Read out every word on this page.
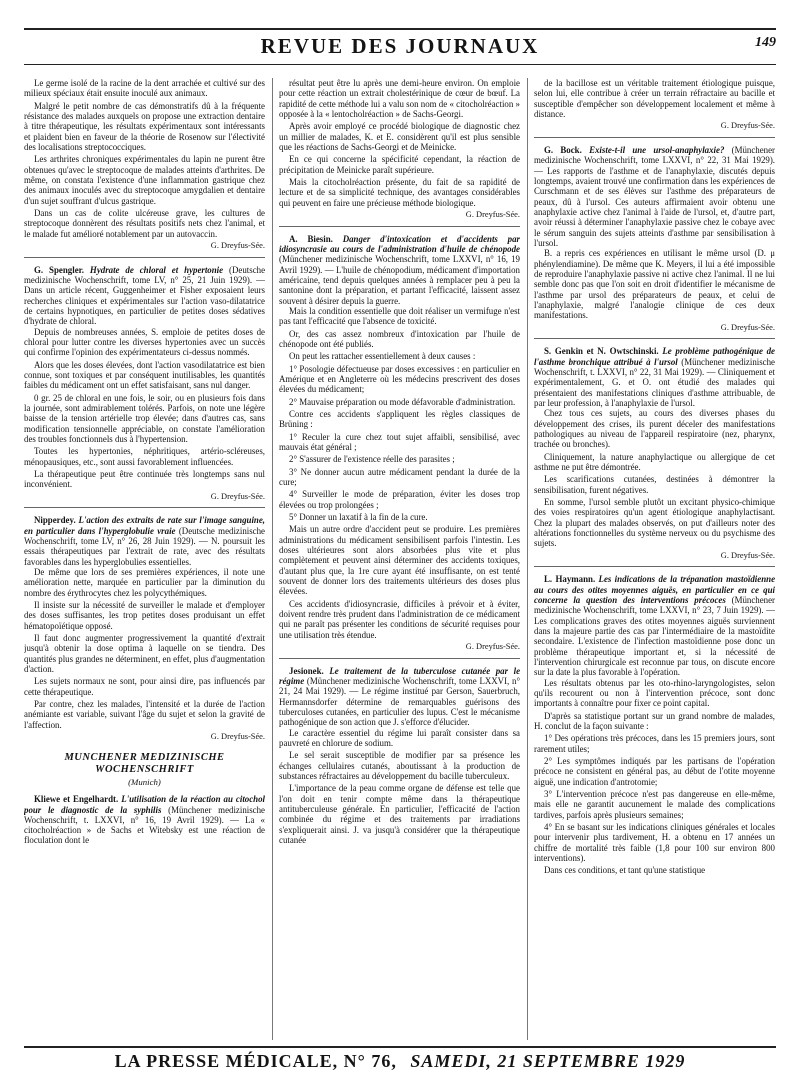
REVUE DES JOURNAUX	149

Le germe isolé de la racine de la dent arrachée et cultivé sur des milieux spéciaux était ensuite inoculé aux animaux.

Malgré le petit nombre de cas démonstratifs dû à la fréquente résistance des malades auxquels on propose une extraction dentaire à titre thérapeutique, les résultats expérimentaux sont intéressants et plaident bien en faveur de la théorie de Rosenow sur l'électivité des localisations streptococciques.

Les arthrites chroniques expérimentales du lapin ne purent être obtenues qu'avec le streptocoque de malades atteints d'arthrites. De même, on constata l'existence d'une inflammation gastrique chez des animaux inoculés avec du streptocoque amygdalien et dentaire d'un sujet souffrant d'ulcus gastrique.

Dans un cas de colite ulcéreuse grave, les cultures de streptocoque donnèrent des résultats positifs nets chez l'animal, et le malade fut amélioré notablement par un autovaccin.

G. Dreyfus-Sée.

G. Spengler. Hydrate de chloral et hypertonie (Deutsche medizinische Wochenschrift, tome LV, n° 25, 21 Juin 1929). — Dans un article récent, Guggenheimer et Fisher exposaient leurs recherches cliniques et expérimentales sur l'action vaso-dilatatrice de certains hypnotiques, en particulier de petites doses sédatives d'hydrate de chloral.

Depuis de nombreuses années, S. emploie de petites doses de chloral pour lutter contre les diverses hypertonies avec un succès qui confirme l'opinion des expérimentateurs ci-dessus nommés.

Alors que les doses élevées, dont l'action vasodilatatrice est bien connue, sont toxiques et par conséquent inutilisables, les quantités faibles du médicament ont un effet satisfaisant, sans nul danger.

0 gr. 25 de chloral en une fois, le soir, ou en plusieurs fois dans la journée, sont admirablement tolérés. Parfois, on note une légère baisse de la tension artérielle trop élevée; dans d'autres cas, sans modification tensionnelle appréciable, on constate l'amélioration des troubles fonctionnels dus à l'hypertension.

Toutes les hypertonies, néphritiques, artério-scléreuses, ménopausiques, etc., sont aussi favorablement influencées.

La thérapeutique peut être continuée très longtemps sans nul inconvénient.

G. Dreyfus-Sée.

Nipperdey. L'action des extraits de rate sur l'image sanguine, en particulier dans l'hyperglobulie vraie (Deutsche medizinische Wochenschrift, tome LV, n° 26, 28 Juin 1929). — N. poursuit les essais thérapeutiques par l'extrait de rate, avec des résultats favorables dans les hyperglobulies essentielles.

De même que lors de ses premières expériences, il note une amélioration nette, marquée en particulier par la diminution du nombre des érythrocytes chez les polycythémiques.

Il insiste sur la nécessité de surveiller le malade et d'employer des doses suffisantes, les trop petites doses produisant un effet hématopoïétique opposé.

Il faut donc augmenter progressivement la quantité d'extrait jusqu'à obtenir la dose optima à laquelle on se tiendra. Des quantités plus grandes ne déterminent, en effet, plus d'augmentation d'action.

Les sujets normaux ne sont, pour ainsi dire, pas influencés par cette thérapeutique.

Par contre, chez les malades, l'intensité et la durée de l'action anémiante est variable, suivant l'âge du sujet et selon la gravité de l'affection.

G. Dreyfus-Sée.

MUNCHENER MEDIZINISCHE WOCHENSCHRIFT
(Munich)

Kliewe et Engelhardt. L'utilisation de la réaction au citochol pour le diagnostic de la syphilis (Münchener medizinische Wochenschrift, t. LXXVI, n° 16, 19 Avril 1929). — La « citocholréaction » de Sachs et Witebsky est une réaction de floculation dont le

résultat peut être lu après une demi-heure environ. On emploie pour cette réaction un extrait cholestérinique de cœur de bœuf. La rapidité de cette méthode lui a valu son nom de « citocholréaction » opposée à la « lentocholréaction » de Sachs-Georgi.

Après avoir employé ce procédé biologique de diagnostic chez un millier de malades, K. et E. considèrent qu'il est plus sensible que les réactions de Sachs-Georgi et de Meinicke.

En ce qui concerne la spécificité cependant, la réaction de précipitation de Meinicke paraît supérieure.

Mais la citocholréaction présente, du fait de sa rapidité de lecture et de sa simplicité technique, des avantages considérables qui peuvent en faire une précieuse méthode biologique.

G. Dreyfus-Sée.

A. Biesin. Danger d'intoxication et d'accidents par idiosyncrasie au cours de l'administration d'huile de chénopode (Münchener medizinische Wochenschrift, tome LXXVI, n° 16, 19 Avril 1929). — L'huile de chénopodium, médicament d'importation américaine, tend depuis quelques années à remplacer peu à peu la santonine dont la préparation, et partant l'efficacité, laissent assez souvent à désirer depuis la guerre.

Mais la condition essentielle que doit réaliser un vermifuge n'est pas tant l'efficacité que l'absence de toxicité.

Or, des cas assez nombreux d'intoxication par l'huile de chénopode ont été publiés.

On peut les rattacher essentiellement à deux causes :

1° Posologie défectueuse par doses excessives : en particulier en Amérique et en Angleterre où les médecins prescrivent des doses élevées du médicament;

2° Mauvaise préparation ou mode défavorable d'administration.

Contre ces accidents s'appliquent les règles classiques de Brüning :

1° Reculer la cure chez tout sujet affaibli, sensibilisé, avec mauvais état général ;

2° S'assurer de l'existence réelle des parasites ;

3° Ne donner aucun autre médicament pendant la durée de la cure;

4° Surveiller le mode de préparation, éviter les doses trop élevées ou trop prolongées ;

5° Donner un laxatif à la fin de la cure.

Mais un autre ordre d'accident peut se produire. Les premières administrations du médicament sensibilisent parfois l'intestin. Les doses ultérieures sont alors absorbées plus vite et plus complètement et peuvent ainsi déterminer des accidents toxiques, d'autant plus que, la 1re cure ayant été insuffisante, on est tenté souvent de donner lors des traitements ultérieurs des doses plus élevées.

Ces accidents d'idiosyncrasie, difficiles à prévoir et à éviter, doivent rendre très prudent dans l'administration de ce médicament qui ne paraît pas présenter les conditions de sécurité requises pour une utilisation très étendue.

G. Dreyfus-Sée.

Jesionek. Le traitement de la tuberculose cutanée par le régime (Münchener medizinische Wochenschrift, tome LXXVI, n° 21, 24 Mai 1929). — Le régime institué par Gerson, Sauerbruch, Hermannsdorfer détermine de remarquables guérisons des tuberculoses cutanées, en particulier des lupus. C'est le mécanisme pathogénique de son action que J. s'efforce d'élucider.

Le caractère essentiel du régime lui paraît consister dans sa pauvreté en chlorure de sodium.

Le sel serait susceptible de modifier par sa présence les échanges cellulaires cutanés, aboutissant à la production de substances réfractaires au développement du bacille tuberculeux.

L'importance de la peau comme organe de défense est telle que l'on doit en tenir compte même dans la thérapeutique antituberculeuse générale. En particulier, l'efficacité de l'action combinée du régime et des traitements par irradiations s'expliquerait ainsi. J. va jusqu'à considérer que la thérapeutique cutanée

de la bacillose est un véritable traitement étiologique puisque, selon lui, elle contribue à créer un terrain réfractaire au bacille et susceptible d'empêcher son développement localement et même à distance.

G. Dreyfus-Sée.

G. Bock. Existe-t-il une ursol-anaphylaxie? (Münchener medizinische Wochenschrift, tome LXXVI, n° 22, 31 Mai 1929). — Les rapports de l'asthme et de l'anaphylaxie, discutés depuis longtemps, avaient trouvé une confirmation dans les expériences de Curschmann et de ses élèves sur l'asthme des préparateurs de peaux, dû à l'ursol. Ces auteurs affirmaient avoir obtenu une anaphylaxie active chez l'animal à l'aide de l'ursol, et, d'autre part, avoir réussi à déterminer l'anaphylaxie passive chez le cobaye avec le sérum sanguin des sujets atteints d'asthme par sensibilisation à l'ursol.

B. a repris ces expériences en utilisant le même ursol (D. μ phénylendiamine). De même que K. Meyers, il lui a été impossible de reproduire l'anaphylaxie passive ni active chez l'animal. Il ne lui semble donc pas que l'on soit en droit d'identifier le mécanisme de l'asthme par ursol des préparateurs de peaux, et celui de l'anaphylaxie, malgré l'analogie clinique de ces deux manifestations.

G. Dreyfus-Sée.

S. Genkin et N. Owtschinski. Le problème pathogénique de l'asthme bronchique attribué à l'ursol (Münchener medizinische Wochenschrift, t. LXXVI, n° 22, 31 Mai 1929). — Cliniquement et expérimentalement, G. et O. ont étudié des malades qui présentaient des manifestations cliniques d'asthme attribuable, de par leur profession, à l'anaphylaxie de l'ursol.

Chez tous ces sujets, au cours des diverses phases du développement des crises, ils purent déceler des manifestations pathologiques au niveau de l'appareil respiratoire (nez, pharynx, trachée ou bronches).

Cliniquement, la nature anaphylactique ou allergique de cet asthme ne put être démontrée.

Les scarifications cutanées, destinées à démontrer la sensibilisation, furent négatives.

En somme, l'ursol semble plutôt un excitant physico-chimique des voies respiratoires qu'un agent étiologique anaphylactisant. Chez la plupart des malades observés, on put d'ailleurs noter des altérations fonctionnelles du système nerveux ou du psychisme des sujets.

G. Dreyfus-Sée.

L. Haymann. Les indications de la trépanation mastoïdienne au cours des otites moyennes aiguës, en particulier en ce qui concerne la question des interventions précoces (Münchener medizinische Wochenschrift, tome LXXVI, n° 23, 7 Juin 1929). — Les complications graves des otites moyennes aiguës surviennent dans la majeure partie des cas par l'intermédiaire de la mastoïdite secondaire. L'existence de l'infection mastoïdienne pose donc un problème thérapeutique important et, si la nécessité de l'intervention chirurgicale est reconnue par tous, on discute encore sur la date la plus favorable à l'opération.

Les résultats obtenus par les oto-rhino-laryngologistes, selon qu'ils recourent ou non à l'intervention précoce, sont donc importants à connaître pour fixer ce point capital.

D'après sa statistique portant sur un grand nombre de malades, H. conclut de la façon suivante :

1° Des opérations très précoces, dans les 15 premiers jours, sont rarement utiles;

2° Les symptômes indiqués par les partisans de l'opération précoce ne consistent en général pas, au début de l'otite moyenne aiguë, une indication d'antrotomie;

3° L'intervention précoce n'est pas dangereuse en elle-même, mais elle ne garantit aucunement le malade des complications tardives, parfois après plusieurs semaines;

4° En se basant sur les indications cliniques générales et locales pour intervenir plus tardivement, H. a obtenu en 17 années un chiffre de mortalité très faible (1,8 pour 100 sur environ 800 interventions).

Dans ces conditions, et tant qu'une statistique

LA PRESSE MÉDICALE, N° 76, SAMEDI, 21 SEPTEMBRE 1929
